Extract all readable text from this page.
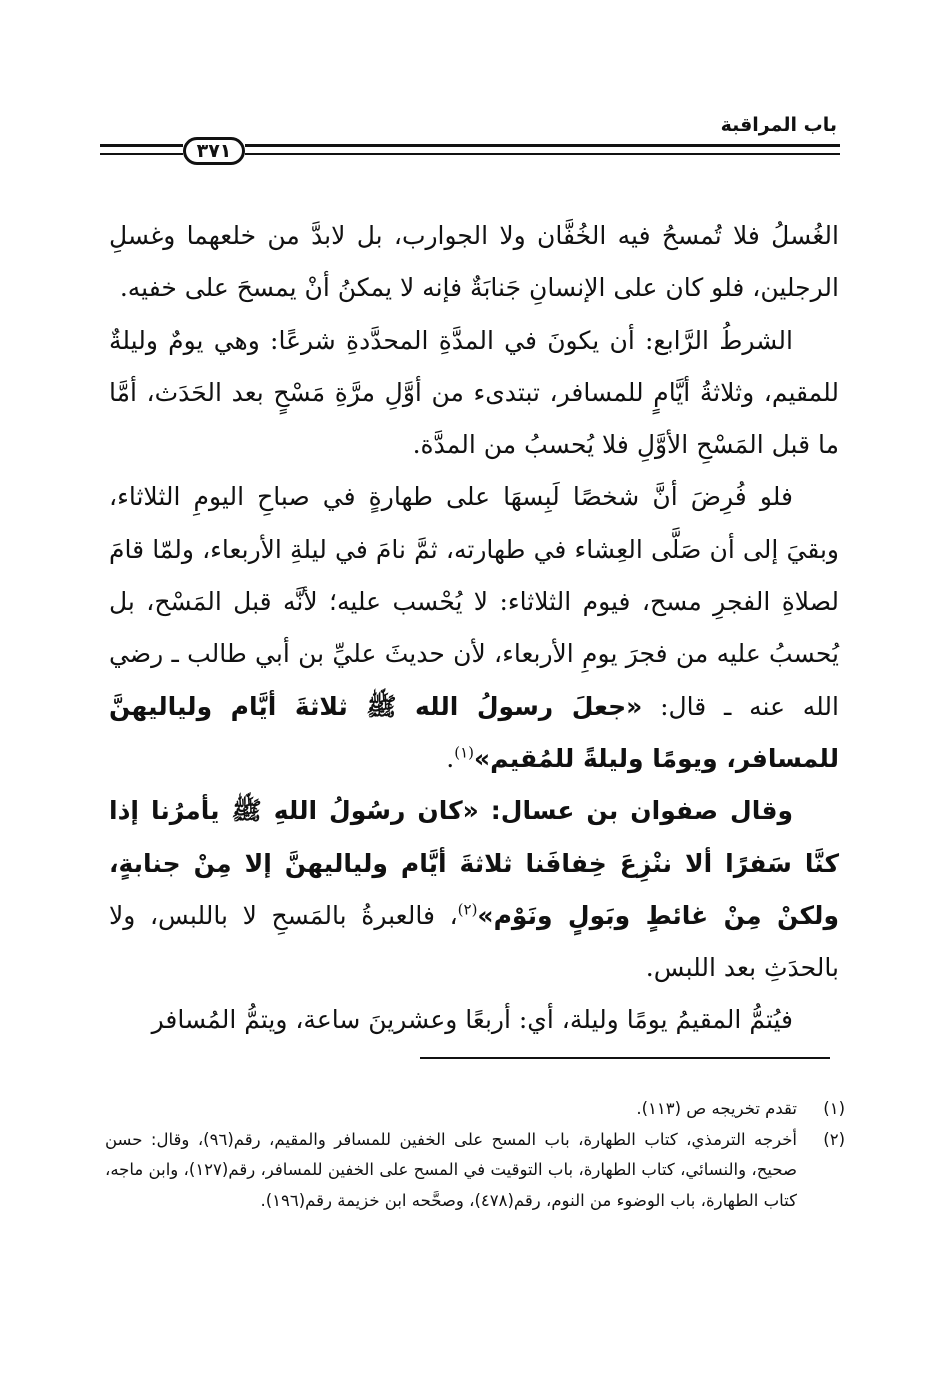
باب المراقبة
٣٧١

الغُسلُ فلا تُمسحُ فيه الخُفَّان ولا الجوارب، بل لابدَّ من خلعهما وغسلِ الرجلين، فلو كان على الإنسانِ جَنابَةٌ فإنه لا يمكنُ أنْ يمسحَ على خفيه.

الشرطُ الرَّابع: أن يكونَ في المدَّةِ المحدَّدةِ شرعًا: وهي يومٌ وليلةٌ للمقيم، وثلاثةُ أيَّامٍ للمسافر، تبتدىء من أوَّلِ مرَّةِ مَسْحٍ بعد الحَدَث، أمَّا ما قبل المَسْحِ الأوَّلِ فلا يُحسبُ من المدَّة.

فلو فُرِضَ أنَّ شخصًا لَبِسهَا على طهارةٍ في صباحِ اليومِ الثلاثاء، وبقيَ إلى أن صَلَّى العِشاء في طهارته، ثمَّ نامَ في ليلةِ الأربعاء، ولمّا قامَ لصلاةِ الفجرِ مسح، فيوم الثلاثاء: لا يُحْسب عليه؛ لأنَّه قبل المَسْح، بل يُحسبُ عليه من فجرَ يومِ الأربعاء، لأن حديثَ عليِّ بن أبي طالب ـ رضي الله عنه ـ قال: «جعلَ رسولُ الله ﷺ ثلاثةَ أيَّام ولياليهنَّ للمسافر، ويومًا وليلةً للمُقيم»$^{(١)}$.

وقال صفوان بن عسال: «كان رسُولُ اللهِ ﷺ يأمرُنا إذا كنَّا سَفرًا ألا ننْزِعَ خِفافَنا ثلاثةَ أيَّام ولياليهنَّ إلا مِنْ جنابةٍ، ولكنْ مِنْ غائطٍ وبَولٍ ونَوْم»$^{(٢)}$، فالعبرةُ بالمَسحِ لا باللبس، ولا بالحدَثِ بعد اللبس.

فيُتمُّ المقيمُ يومًا وليلة، أي: أربعًا وعشرينَ ساعة، ويتمُّ المُسافر

(١)
تقدم تخريجه ص (١١٣).
(٢)
أخرجه الترمذي، كتاب الطهارة، باب المسح على الخفين للمسافر والمقيم، رقم(٩٦)، وقال: حسن صحيح، والنسائي، كتاب الطهارة، باب التوقيت في المسح على الخفين للمسافر، رقم(١٢٧)، وابن ماجه، كتاب الطهارة، باب الوضوء من النوم، رقم(٤٧٨)، وصحَّحه ابن خزيمة رقم(١٩٦).
